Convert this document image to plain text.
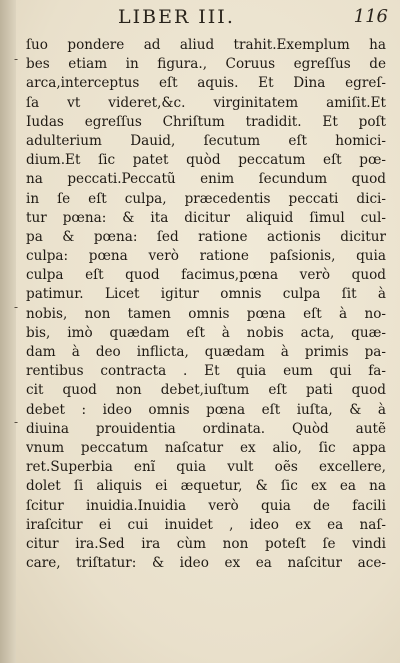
LIBER III.	116
-
-
-
ſuo pondere ad aliud trahit.Exemplum ha
bes etiam in figura., Coruus egreſſus de
arca,interceptus eſt aquis. Et Dina egreſ-
ſa vt videret,&c. virginitatem amiſit.Et
Iudas egreſſus Chriſtum tradidit. Et poſt
adulterium Dauid, ſecutum eſt homici-
dium.Et ſic patet quòd peccatum eſt pœ-
na peccati.Peccatũ enim ſecundum quod
in ſe eſt culpa, præcedentis peccati dici-
tur pœna: & ita dicitur aliquid ſimul cul-
pa & pœna: ſed ratione actionis dicitur
culpa: pœna verò ratione paſsionis, quia
culpa eſt quod facimus,pœna verò quod
patimur. Licet igitur omnis culpa ſit à
nobis, non tamen omnis pœna eſt à no-
bis, imò quædam eſt à nobis acta, quæ-
dam à deo inflicta, quædam à primis pa-
rentibus contracta . Et quia eum qui fa-
cit quod non debet,iuſtum eſt pati quod
debet : ideo omnis pœna eſt iuſta, & à
diuina prouidentia ordinata. Quòd autẽ
vnum peccatum naſcatur ex alio, ſic appa
ret.Superbia enĩ quia vult oẽs excellere,
dolet ſi aliquis ei æquetur, & ſic ex ea na
ſcitur inuidia.Inuidia verò quia de facili
iraſcitur ei cui inuidet , ideo ex ea naſ-
citur ira.Sed ira cùm non poteſt ſe vindi
care, triſtatur: & ideo ex ea naſcitur ace-
